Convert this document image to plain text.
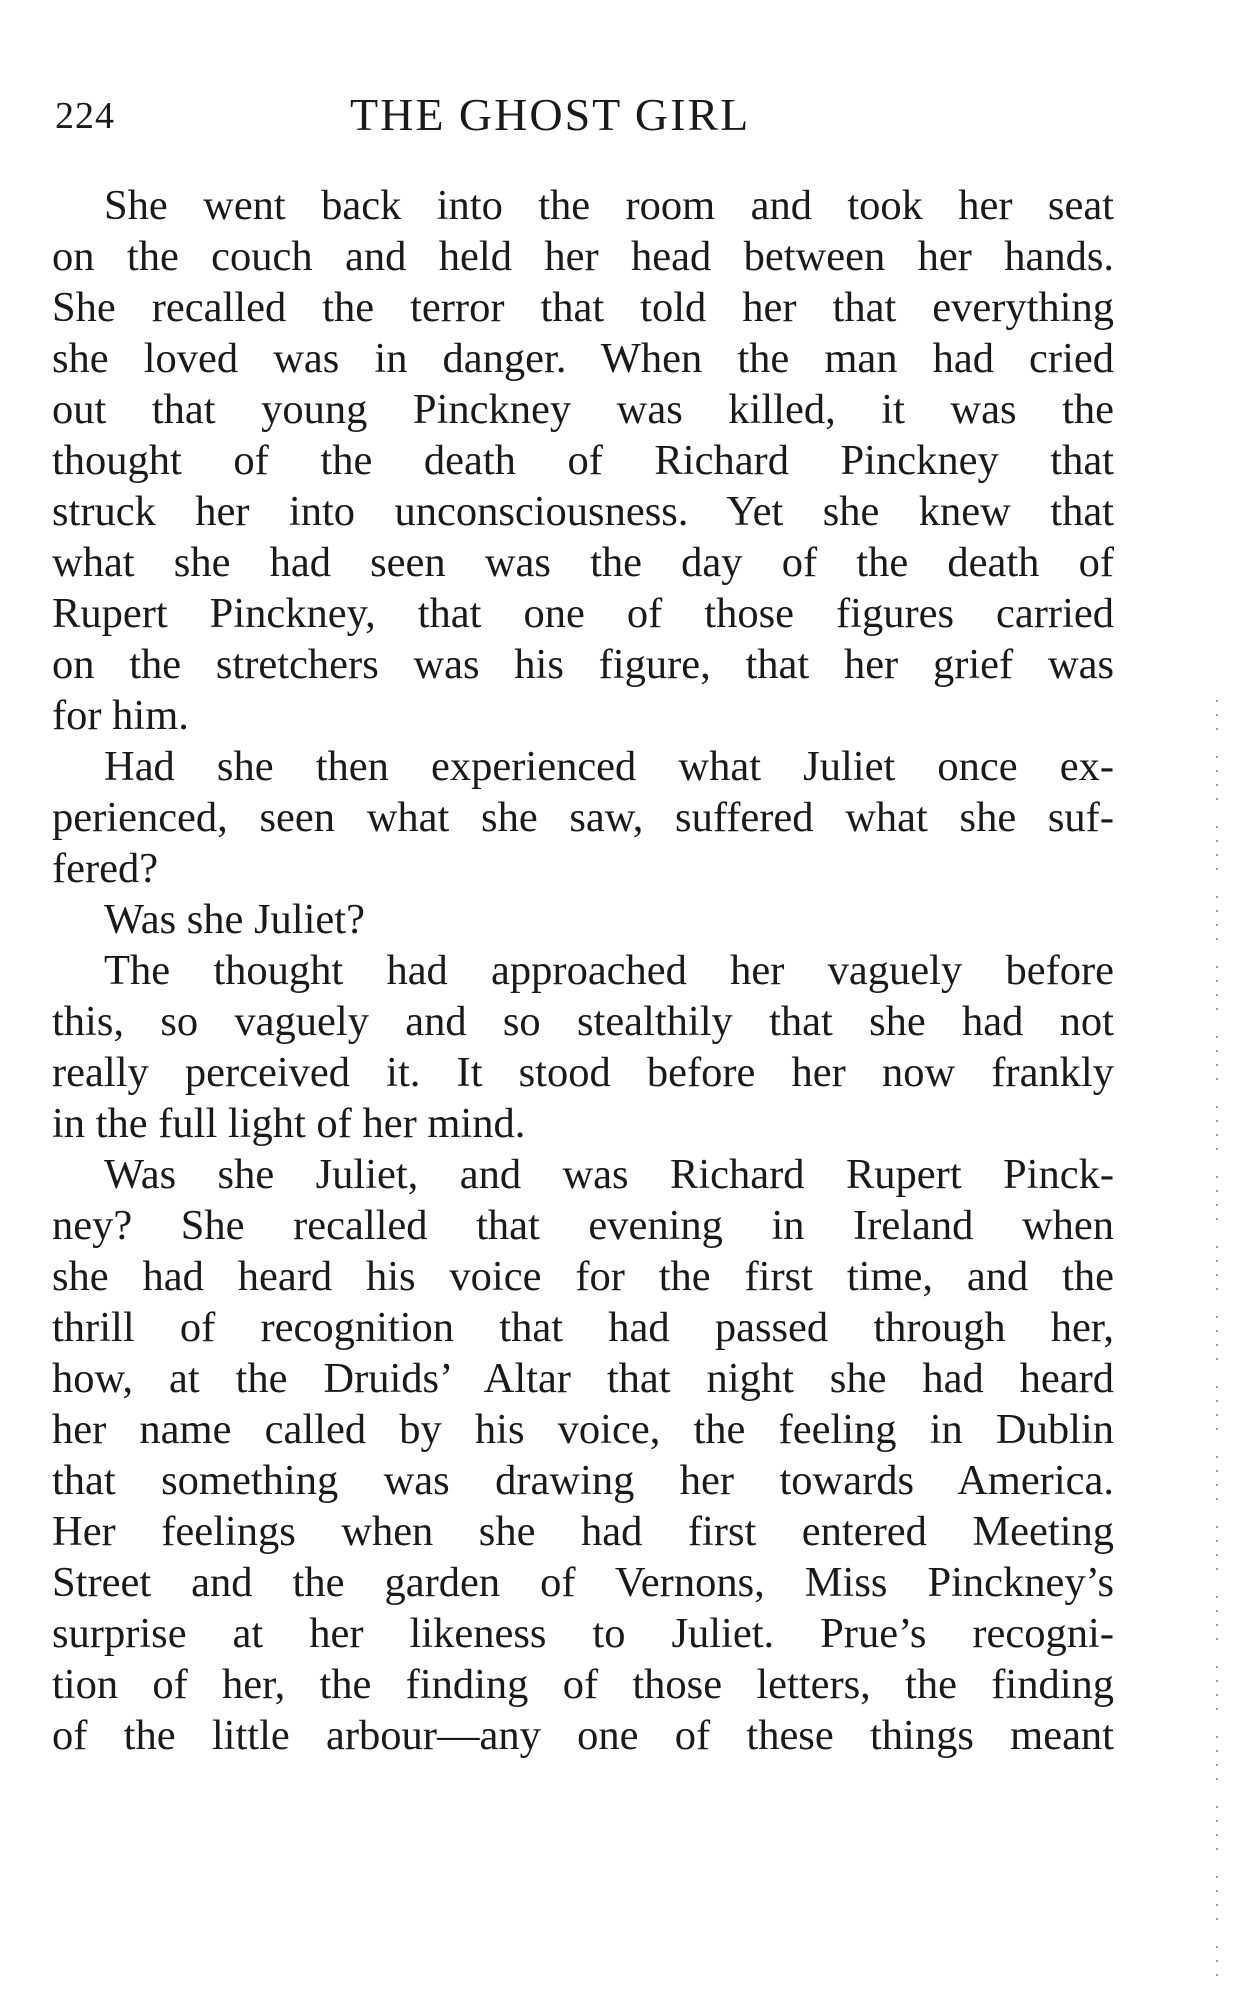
224	THE GHOST GIRL
She went back into the room and took her seat
on the couch and held her head between her hands.
She recalled the terror that told her that everything
she loved was in danger. When the man had cried
out that young Pinckney was killed, it was the
thought of the death of Richard Pinckney that
struck her into unconsciousness. Yet she knew that
what she had seen was the day of the death of
Rupert Pinckney, that one of those figures carried
on the stretchers was his figure, that her grief was
for him.
Had she then experienced what Juliet once ex-
perienced, seen what she saw, suffered what she suf-
fered?
Was she Juliet?
The thought had approached her vaguely before
this, so vaguely and so stealthily that she had not
really perceived it. It stood before her now frankly
in the full light of her mind.
Was she Juliet, and was Richard Rupert Pinck-
ney? She recalled that evening in Ireland when
she had heard his voice for the first time, and the
thrill of recognition that had passed through her,
how, at the Druids’ Altar that night she had heard
her name called by his voice, the feeling in Dublin
that something was drawing her towards America.
Her feelings when she had first entered Meeting
Street and the garden of Vernons, Miss Pinckney’s
surprise at her likeness to Juliet. Prue’s recogni-
tion of her, the finding of those letters, the finding
of the little arbour—any one of these things meant
